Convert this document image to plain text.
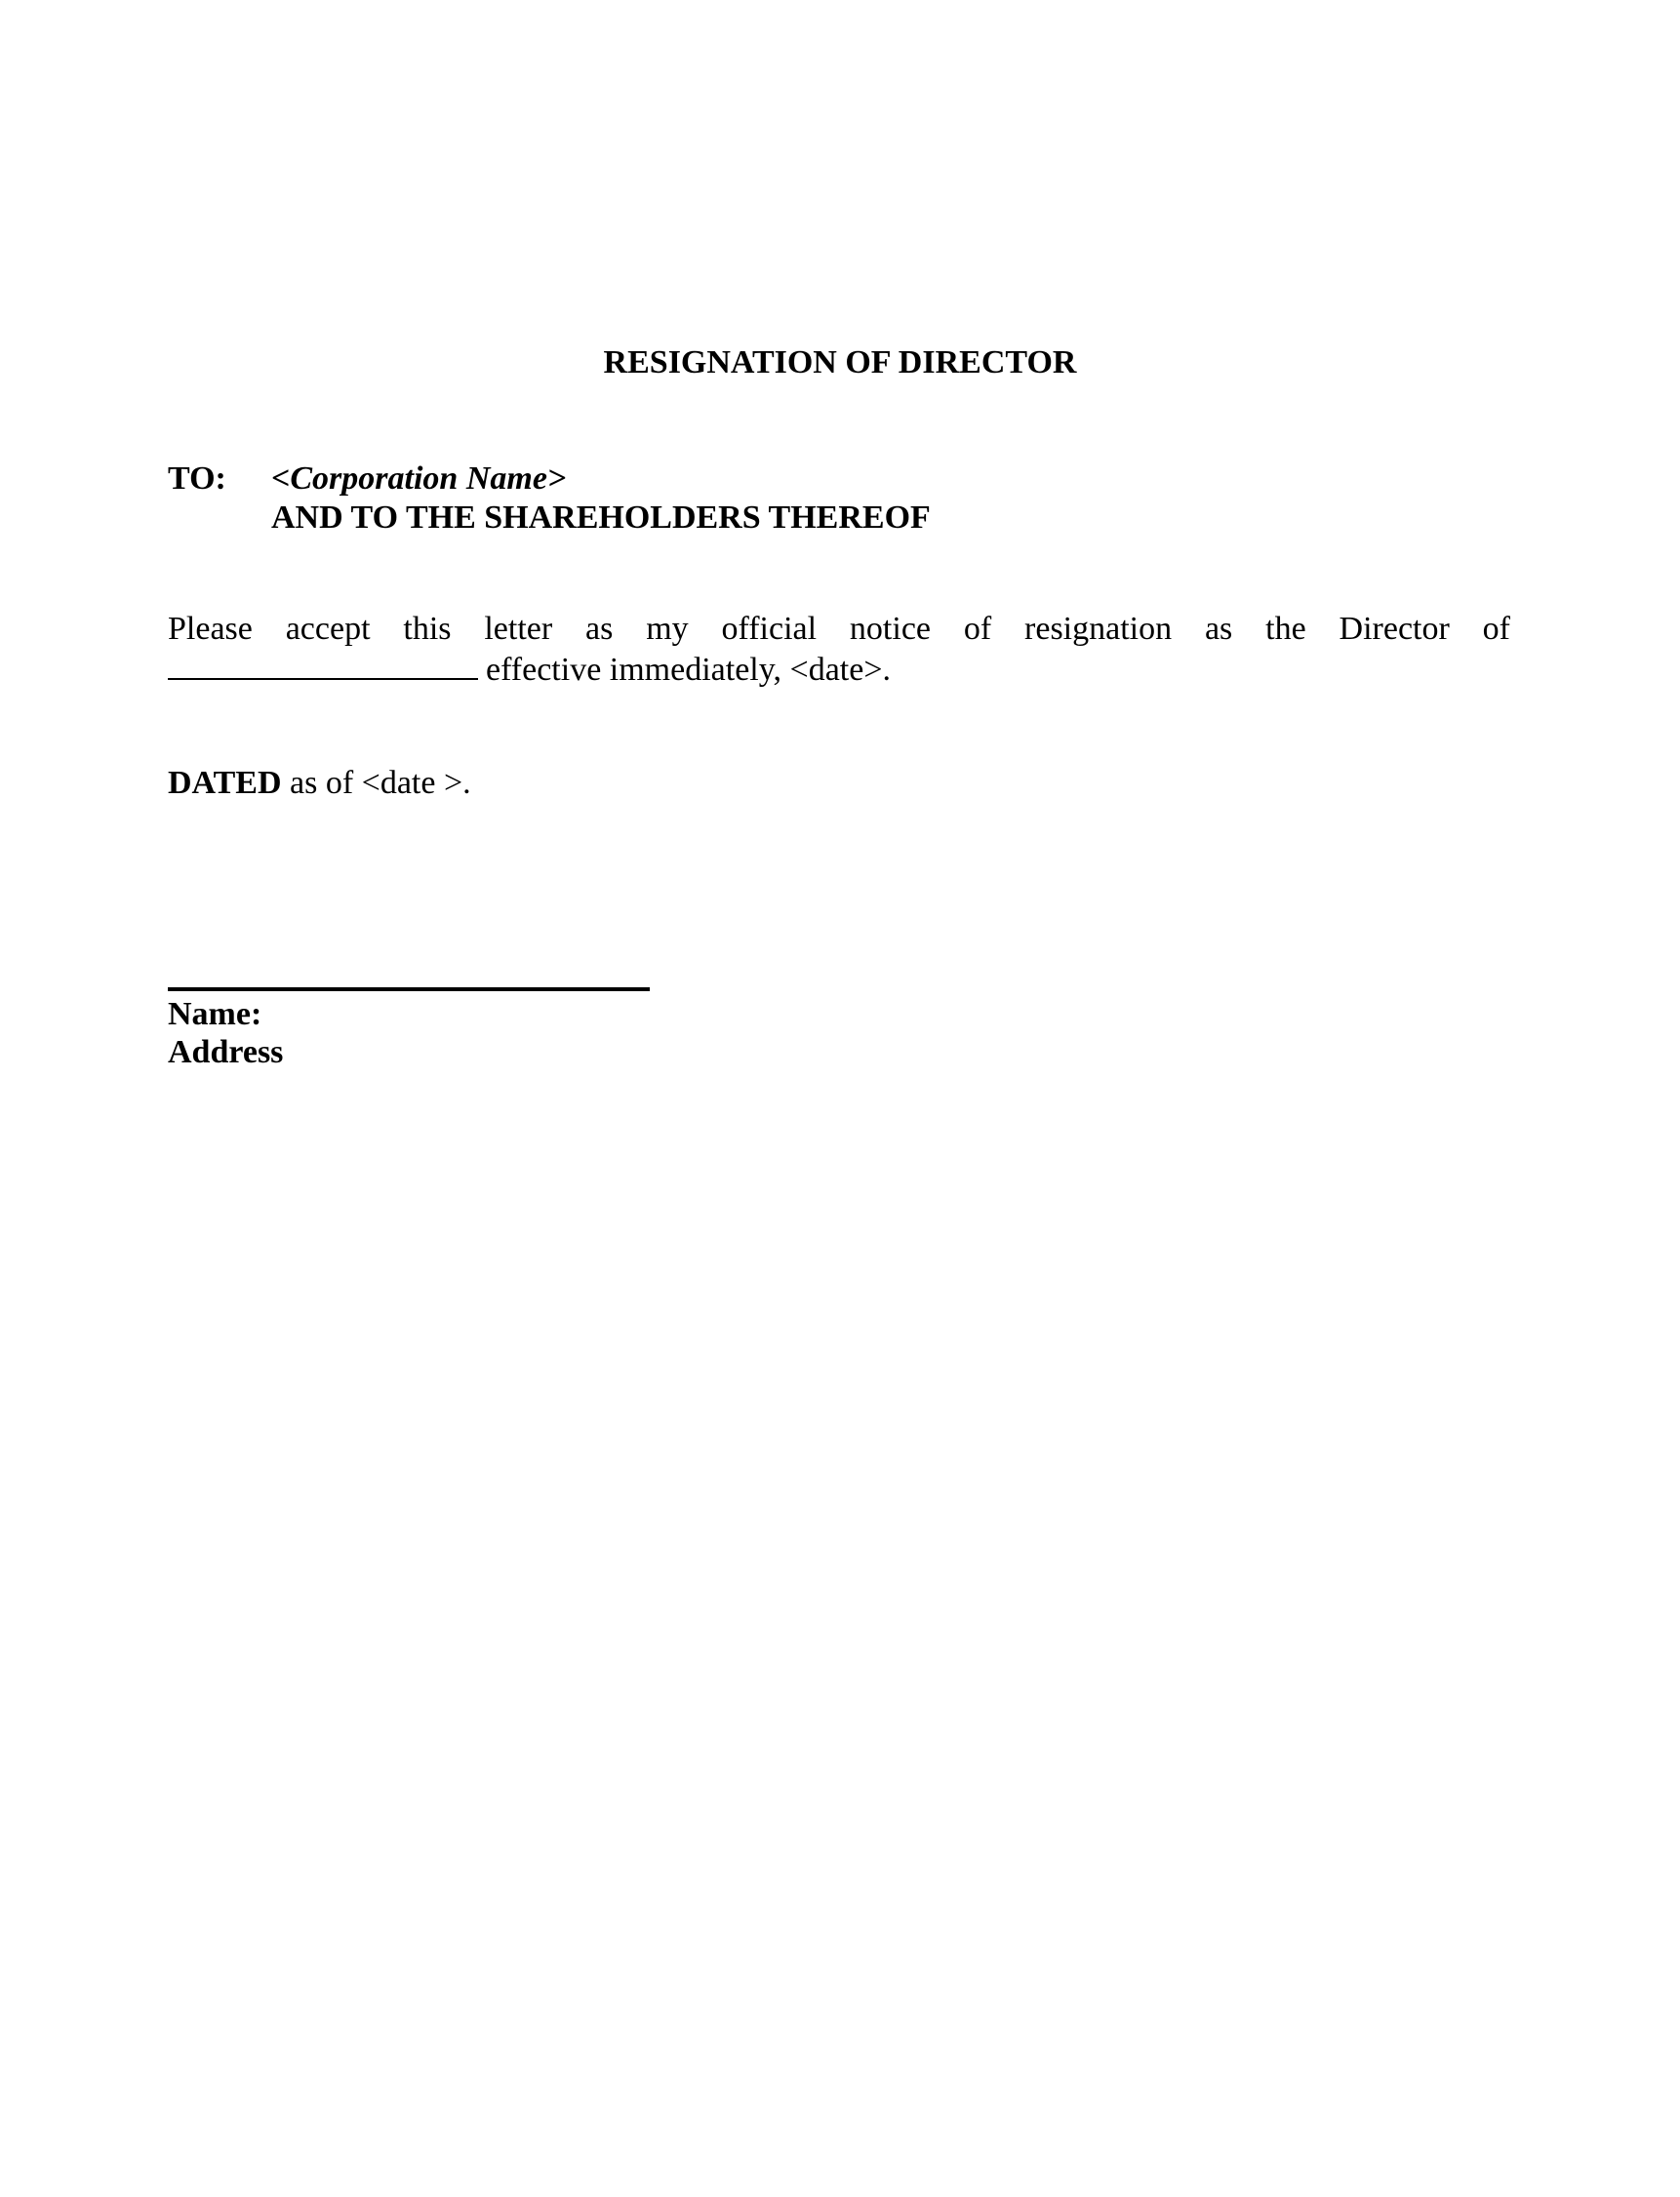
RESIGNATION OF DIRECTOR
TO: <Corporation Name>
AND TO THE SHAREHOLDERS THEREOF
Please accept this letter as my official notice of resignation as the Director of
effective immediately, <date>.
DATED as of <date >.
Name:
Address
